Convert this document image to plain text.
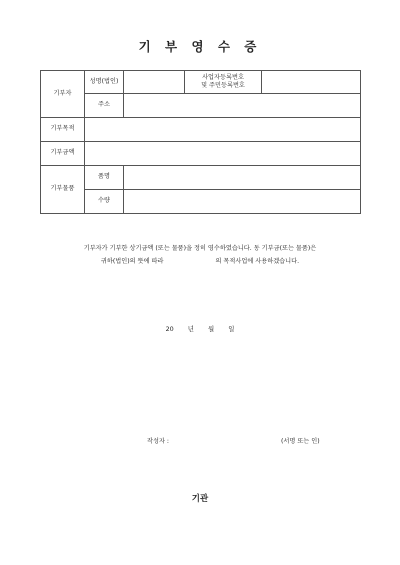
기 부 영 수 증
기부자	성명(법인)		사업자등록번호
및 주민등록번호	

	주소			
기부목적				
기부금액				
기부물품	품명			
	수량			
기부자가 기부한 상기금액 (또는 물품)을 정히 영수하였습니다. 동 기부금(또는 물품)은
귀하(법인)의 뜻에 따라	의 목적사업에 사용하겠습니다.
20 년 월 일
작성자 :	(서명 또는 인)
기관
